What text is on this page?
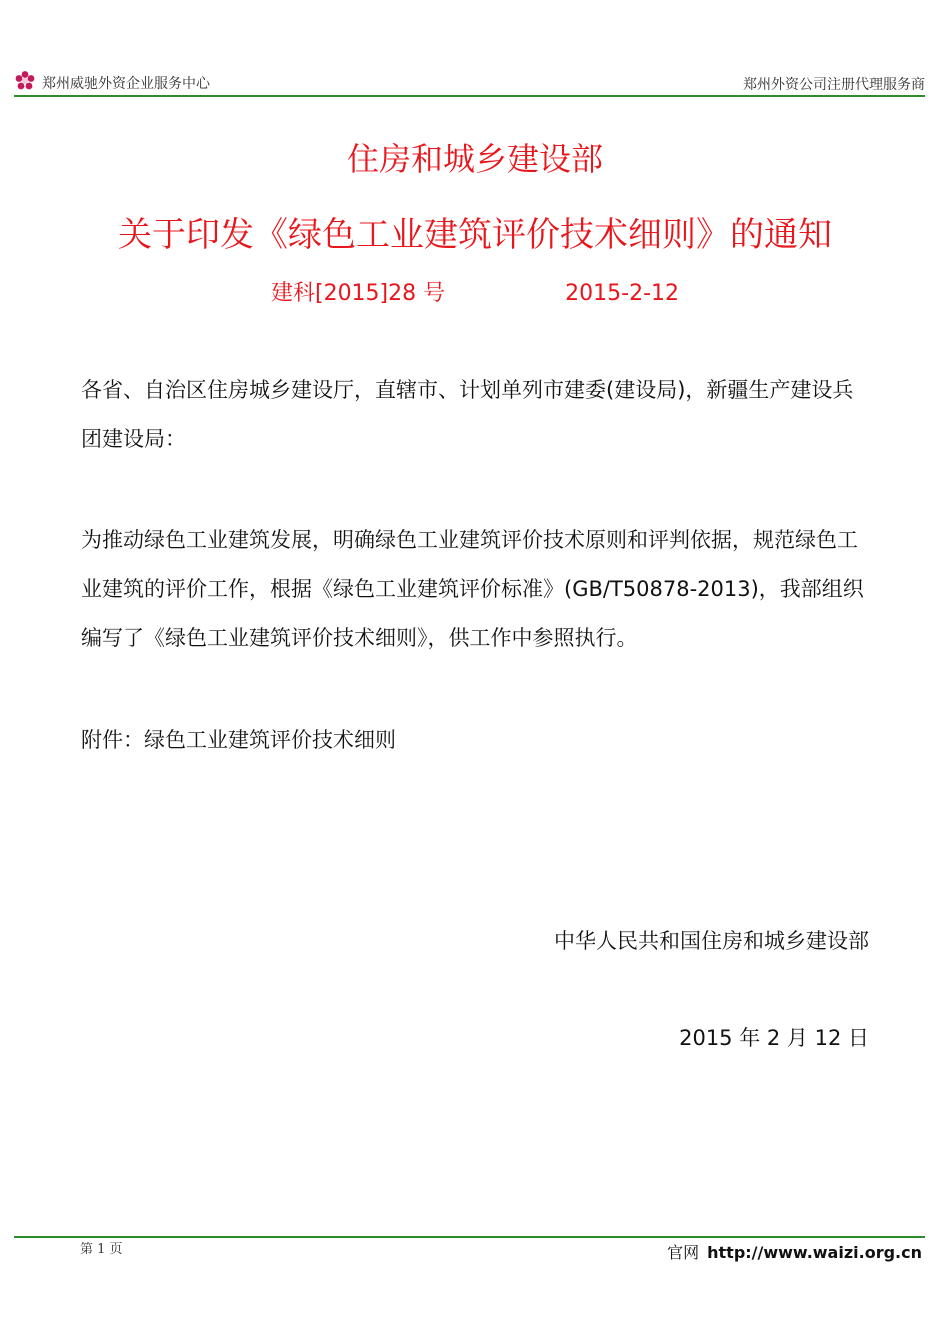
郑州威驰外资企业服务中心	郑州外资公司注册代理服务商
住房和城乡建设部
关于印发《绿色工业建筑评价技术细则》的通知
建科[2015]28 号	2015-2-12
各省、自治区住房城乡建设厅，直辖市、计划单列市建委(建设局)，新疆生产建设兵团建设局：
为推动绿色工业建筑发展，明确绿色工业建筑评价技术原则和评判依据，规范绿色工业建筑的评价工作，根据《绿色工业建筑评价标准》(GB/T50878-2013)，我部组织编写了《绿色工业建筑评价技术细则》，供工作中参照执行。
附件：绿色工业建筑评价技术细则
中华人民共和国住房和城乡建设部
2015 年 2 月 12 日
第 1 页	官网 http://www.waizi.org.cn
